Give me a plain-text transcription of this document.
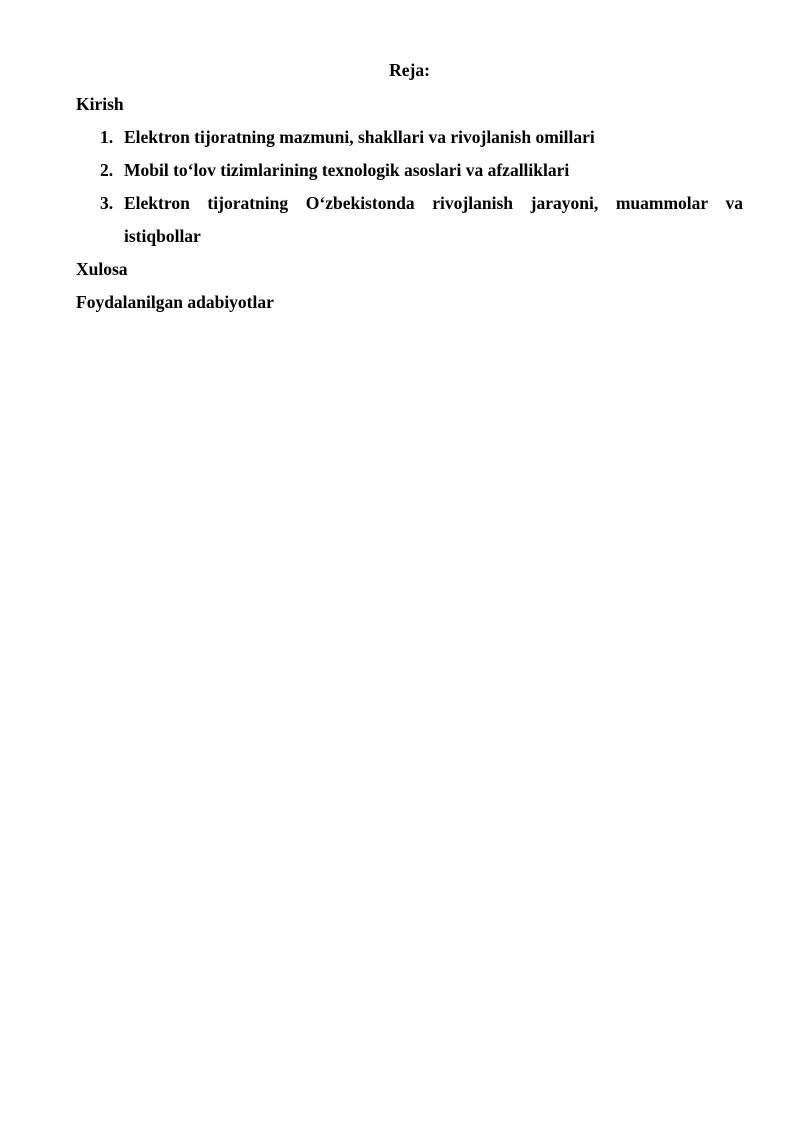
Reja:

Kirish

1. Elektron tijoratning mazmuni, shakllari va rivojlanish omillari
2. Mobil to‘lov tizimlarining texnologik asoslari va afzalliklari
3. Elektron tijoratning O‘zbekistonda rivojlanish jarayoni, muammolar va istiqbollar

Xulosa

Foydalanilgan adabiyotlar
